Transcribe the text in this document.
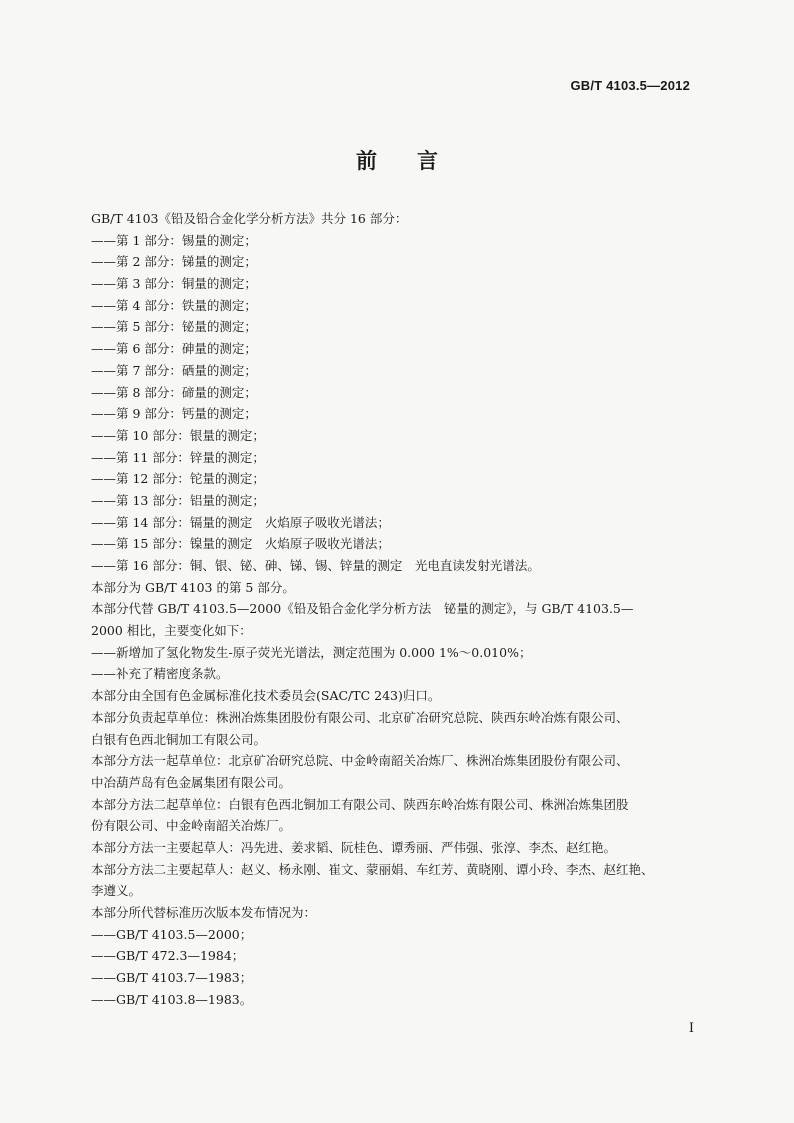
GB/T 4103.5—2012
前 言
GB/T 4103《铅及铅合金化学分析方法》共分 16 部分：
——第 1 部分：锡量的测定；
——第 2 部分：锑量的测定；
——第 3 部分：铜量的测定；
——第 4 部分：铁量的测定；
——第 5 部分：铋量的测定；
——第 6 部分：砷量的测定；
——第 7 部分：硒量的测定；
——第 8 部分：碲量的测定；
——第 9 部分：钙量的测定；
——第 10 部分：银量的测定；
——第 11 部分：锌量的测定；
——第 12 部分：铊量的测定；
——第 13 部分：铝量的测定；
——第 14 部分：镉量的测定　火焰原子吸收光谱法；
——第 15 部分：镍量的测定　火焰原子吸收光谱法；
——第 16 部分：铜、银、铋、砷、锑、锡、锌量的测定　光电直读发射光谱法。
本部分为 GB/T 4103 的第 5 部分。
本部分代替 GB/T 4103.5—2000《铅及铅合金化学分析方法　铋量的测定》，与 GB/T 4103.5—
2000 相比，主要变化如下：
——新增加了氢化物发生-原子荧光光谱法，测定范围为 0.000 1%～0.010%；
——补充了精密度条款。
本部分由全国有色金属标准化技术委员会(SAC/TC 243)归口。
本部分负责起草单位：株洲冶炼集团股份有限公司、北京矿冶研究总院、陕西东岭冶炼有限公司、
白银有色西北铜加工有限公司。
本部分方法一起草单位：北京矿冶研究总院、中金岭南韶关冶炼厂、株洲冶炼集团股份有限公司、
中冶葫芦岛有色金属集团有限公司。
本部分方法二起草单位：白银有色西北铜加工有限公司、陕西东岭冶炼有限公司、株洲冶炼集团股
份有限公司、中金岭南韶关冶炼厂。
本部分方法一主要起草人：冯先进、姜求韬、阮桂色、谭秀丽、严伟强、张淳、李杰、赵红艳。
本部分方法二主要起草人：赵义、杨永刚、崔文、蒙丽娟、车红芳、黄晓刚、谭小玲、李杰、赵红艳、
李遵义。
本部分所代替标准历次版本发布情况为：
——GB/T 4103.5—2000；
——GB/T 472.3—1984；
——GB/T 4103.7—1983；
——GB/T 4103.8—1983。
I
